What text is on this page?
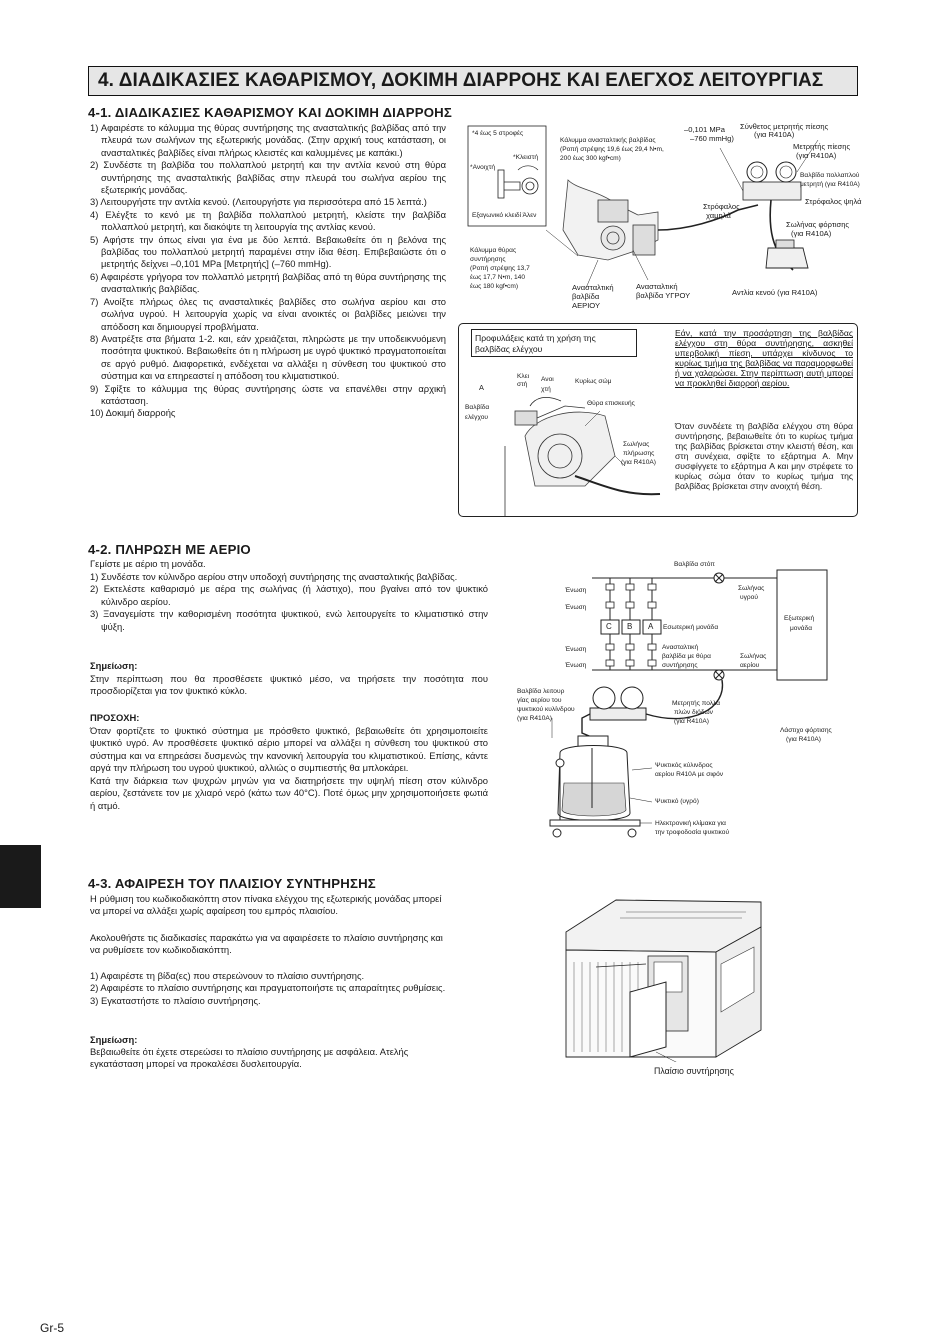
4. ΔΙΑΔΙΚΑΣΙΕΣ ΚΑΘΑΡΙΣΜΟΥ, ΔΟΚΙΜΗ ΔΙΑΡΡΟΗΣ ΚΑΙ ΕΛΕΓΧΟΣ ΛΕΙΤΟΥΡΓΙΑΣ
4-1. ΔΙΑΔΙΚΑΣΙΕΣ ΚΑΘΑΡΙΣΜΟΥ ΚΑΙ ΔΟΚΙΜΗ ΔΙΑΡΡΟΗΣ
1) Αφαιρέστε το κάλυμμα της θύρας συντήρησης της ανασταλτικής βαλβίδας από την πλευρά των σωλήνων της εξωτερικής μονάδας. (Στην αρχική τους κατάσταση, οι ανασταλτικές βαλβίδες είναι πλήρως κλειστές και καλυμμένες με καπάκι.)
2) Συνδέστε τη βαλβίδα του πολλαπλού μετρητή και την αντλία κενού στη θύρα συντήρησης της ανασταλτικής βαλβίδας στην πλευρά του σωλήνα αερίου της εξωτερικής μονάδας.
3) Λειτουργήστε την αντλία κενού. (Λειτουργήστε για περισσότερα από 15 λεπτά.)
4) Ελέγξτε το κενό με τη βαλβίδα πολλαπλού μετρητή, κλείστε την βαλβίδα πολλαπλού μετρητή, και διακόψτε τη λειτουργία της αντλίας κενού.
5) Αφήστε την όπως είναι για ένα με δύο λεπτά. Βεβαιωθείτε ότι η βελόνα της βαλβίδας του πολλαπλού μετρητή παραμένει στην ίδια θέση. Επιβεβαιώστε ότι ο μετρητής δείχνει –0,101 MPa [Μετρητής] (–760 mmHg).
6) Αφαιρέστε γρήγορα τον πολλαπλό μετρητή βαλβίδας από τη θύρα συντήρησης της ανασταλτικής βαλβίδας.
7) Ανοίξτε πλήρως όλες τις ανασταλτικές βαλβίδες στο σωλήνα αερίου και στο σωλήνα υγρού. Η λειτουργία χωρίς να είναι ανοικτές οι βαλβίδες μειώνει την απόδοση και δημιουργεί προβλήματα.
8) Ανατρέξτε στα βήματα 1-2. και, εάν χρειάζεται, πληρώστε με την υποδεικνυόμενη ποσότητα ψυκτικού. Βεβαιωθείτε ότι η πλήρωση με υγρό ψυκτικό πραγματοποιείται σε αργό ρυθμό. Διαφορετικά, ενδέχεται να αλλάξει η σύνθεση του ψυκτικού στο σύστημα και να επηρεαστεί η απόδοση του κλιματιστικού.
9) Σφίξτε το κάλυμμα της θύρας συντήρησης ώστε να επανέλθει στην αρχική κατάσταση.
10) Δοκιμή διαρροής
*4 έως 5 στροφές
*Κλειστή
*Ανοιχτή
Εξαγωνικό κλειδί Άλεν
Κάλυμμα ανασταλτικής βαλβίδας
(Ροπή στρέψης 19,6 έως 29,4 N•m,
200 έως 300 kgf•cm)
–0,101 MPa
–760 mmHg)
Σύνθετος μετρητής πίεσης
(για R410A)
Μετρητής πίεσης
(για R410A)
Βαλβίδα πολλαπλού
μετρητή (για R410A)
Στρόφαλος ψηλά
Στρόφαλος
χαμηλά
Σωλήνας φόρτισης
(για R410A)
Κάλυμμα θύρας
συντήρησης
(Ροπή στρέψης 13,7
έως 17,7 N•m, 140
έως 180 kgf•cm)	Ανασταλτική
βαλβίδα
ΑΕΡΙΟΥ
Ανασταλτική
βαλβίδα ΥΓΡΟΥ	Αντλία κενού (για R410A)
Προφυλάξεις κατά τη χρήση της βαλβίδας ελέγχου
A
Κλει
στή
Ανοι
χτή
Κυρίως σώμ
Θύρα επισκευής
Βαλβίδα
ελέγχου
Σωλήνας
πλήρωσης
(για R410A)
Εάν, κατά την προσάρτηση της βαλβίδας ελέγχου στη θύρα συντήρησης, ασκηθεί υπερβολική πίεση, υπάρχει κίνδυνος το κυρίως τμήμα της βαλβίδας να παραμορφωθεί ή να χαλαρώσει. Στην περίπτωση αυτή μπορεί να προκληθεί διαρροή αερίου.
Όταν συνδέετε τη βαλβίδα ελέγχου στη θύρα συντήρησης, βεβαιωθείτε ότι το κυρίως τμήμα της βαλβίδας βρίσκεται στην κλειστή θέση, και στη συνέχεια, σφίξτε το εξάρτημα A. Μην συσφίγγετε το εξάρτημα A και μην στρέφετε το κυρίως σώμα όταν το κυρίως τμήμα της βαλβίδας βρίσκεται στην ανοιχτή θέση.
4-2. ΠΛΗΡΩΣΗ ΜΕ ΑΕΡΙΟ
Γεμίστε με αέριο τη μονάδα.
1) Συνδέστε τον κύλινδρο αερίου στην υποδοχή συντήρησης της ανασταλτικής βαλβίδας.
2) Εκτελέστε καθαρισμό με αέρα της σωλήνας (ή λάστιχο), που βγαίνει από τον ψυκτικό κύλινδρο αερίου.
3) Ξαναγεμίστε την καθορισμένη ποσότητα ψυκτικού, ενώ λειτουργείτε το κλιματιστικό στην ψύξη.
Σημείωση:
Στην περίπτωση που θα προσθέσετε ψυκτικό μέσο, να τηρήσετε την ποσότητα που προσδιορίζεται για τον ψυκτικό κύκλο.
ΠΡΟΣΟΧΗ:
Όταν φορτίζετε το ψυκτικό σύστημα με πρόσθετο ψυκτικό, βεβαιωθείτε ότι χρησιμοποιείτε ψυκτικό υγρό. Αν προσθέσετε ψυκτικό αέριο μπορεί να αλλάξει η σύνθεση του ψυκτικού στο σύστημα και να επηρεάσει δυσμενώς την κανονική λειτουργία του κλιματιστικού. Επίσης, κάντε αργά την πλήρωση του υγρού ψυκτικού, αλλιώς ο συμπιεστής θα μπλοκάρει.
Κατά την διάρκεια των ψυχρών μηνών για να διατηρήσετε την υψηλή πίεση στον κύλινδρο αερίου, ζεστάνετε τον με χλιαρό νερό (κάτω των 40°C). Ποτέ όμως μην χρησιμοποιήσετε φωτιά ή ατμό.
Βαλβίδα στόπ
Σωλήνας
υγρού
Εξωτερική
μονάδα
Ένωση
Ένωση
Ένωση
Ένωση
C B A Εσωτερική μονάδα
Ανασταλτική
βαλβίδα με θύρα
συντήρησης
Σωλήνας
αερίου
Βαλβίδα λειτουρ
γίας αερίου του
ψυκτικού κυλίνδρου
(για R410A)
Μετρητής πολλα
πλών διόδων
(για R410A)
Λάστιχο φόρτισης
(για R410A)
Ψυκτικός κύλινδρος
αερίου R410A με σιφόν
Ψυκτικό (υγρό)
Ηλεκτρονική κλίμακα για
την τροφοδοσία ψυκτικού
4-3. ΑΦΑΙΡΕΣΗ ΤΟΥ ΠΛΑΙΣΙΟΥ ΣΥΝΤΗΡΗΣΗΣ
Η ρύθμιση του κωδικοδιακόπτη στον πίνακα ελέγχου της εξωτερικής μονάδας μπορεί να μπορεί να αλλάξει χωρίς αφαίρεση του εμπρός πλαισίου.
Ακολουθήστε τις διαδικασίες παρακάτω για να αφαιρέσετε το πλαίσιο συντήρησης και να ρυθμίσετε τον κωδικοδιακόπτη.
1) Αφαιρέστε τη βίδα(ες) που στερεώνουν το πλαίσιο συντήρησης.
2) Αφαιρέστε το πλαίσιο συντήρησης και πραγματοποιήστε τις απαραίτητες ρυθμίσεις.
3) Εγκαταστήστε το πλαίσιο συντήρησης.
Σημείωση:
Βεβαιωθείτε ότι έχετε στερεώσει το πλαίσιο συντήρησης με ασφάλεια. Ατελής εγκατάσταση μπορεί να προκαλέσει δυσλειτουργία.
Πλαίσιο συντήρησης
Gr-5
